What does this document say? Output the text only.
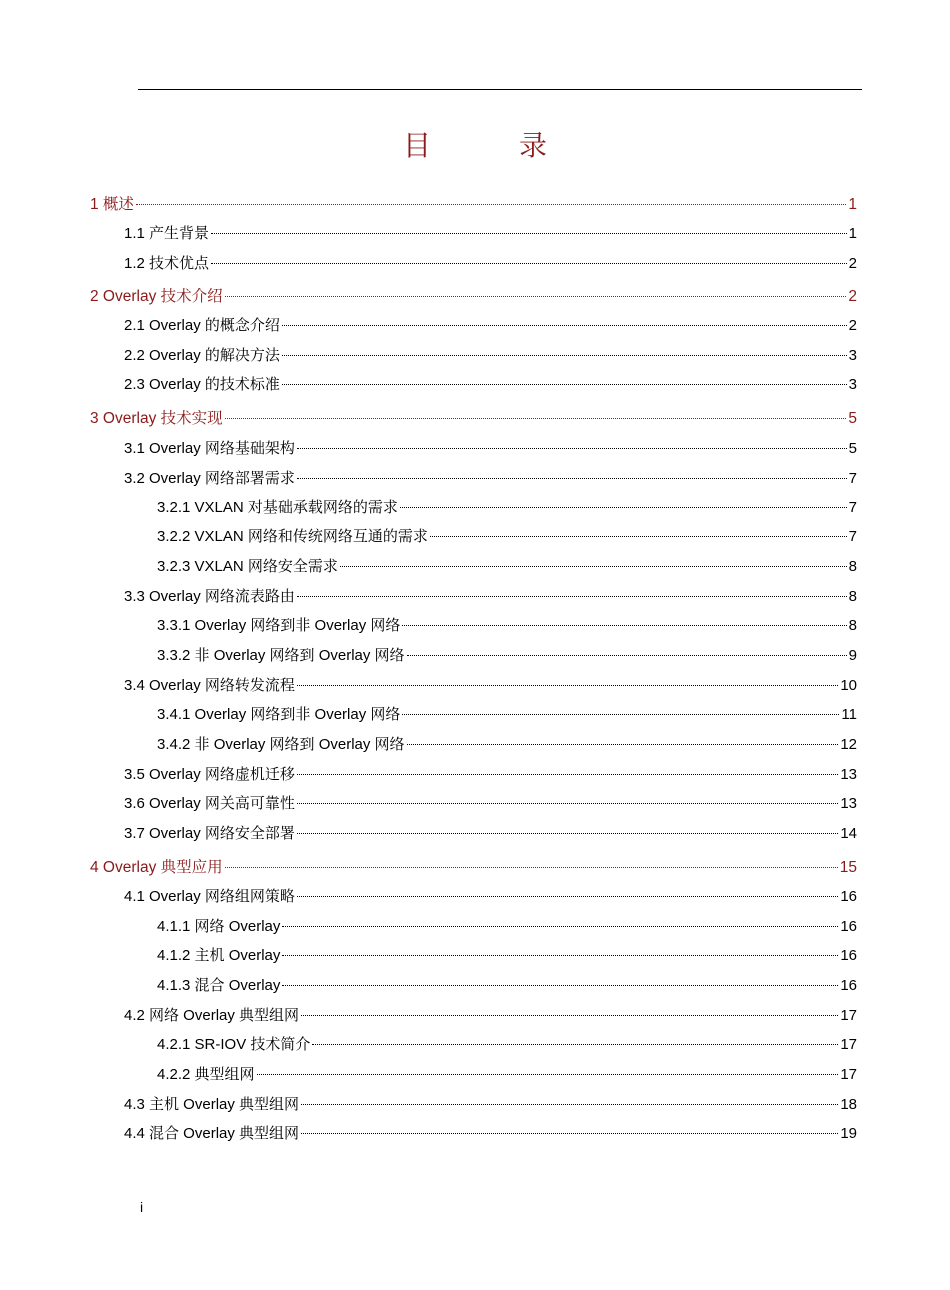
目　录
1 概述	1
1.1 产生背景	1
1.2 技术优点	2
2 Overlay 技术介绍	2
2.1 Overlay 的概念介绍	2
2.2 Overlay 的解决方法	3
2.3 Overlay 的技术标准	3
3 Overlay 技术实现	5
3.1 Overlay 网络基础架构	5
3.2 Overlay 网络部署需求	7
3.2.1 VXLAN 对基础承载网络的需求	7
3.2.2 VXLAN 网络和传统网络互通的需求	7
3.2.3 VXLAN 网络安全需求	8
3.3 Overlay 网络流表路由	8
3.3.1 Overlay 网络到非 Overlay 网络	8
3.3.2 非 Overlay 网络到 Overlay 网络	9
3.4 Overlay 网络转发流程	10
3.4.1 Overlay 网络到非 Overlay 网络	11
3.4.2 非 Overlay 网络到 Overlay 网络	12
3.5 Overlay 网络虚机迁移	13
3.6 Overlay 网关高可靠性	13
3.7 Overlay 网络安全部署	14
4 Overlay 典型应用	15
4.1 Overlay 网络组网策略	16
4.1.1 网络 Overlay	16
4.1.2 主机 Overlay	16
4.1.3 混合 Overlay	16
4.2 网络 Overlay 典型组网	17
4.2.1 SR-IOV 技术简介	17
4.2.2 典型组网	17
4.3 主机 Overlay 典型组网	18
4.4 混合 Overlay 典型组网	19
i
